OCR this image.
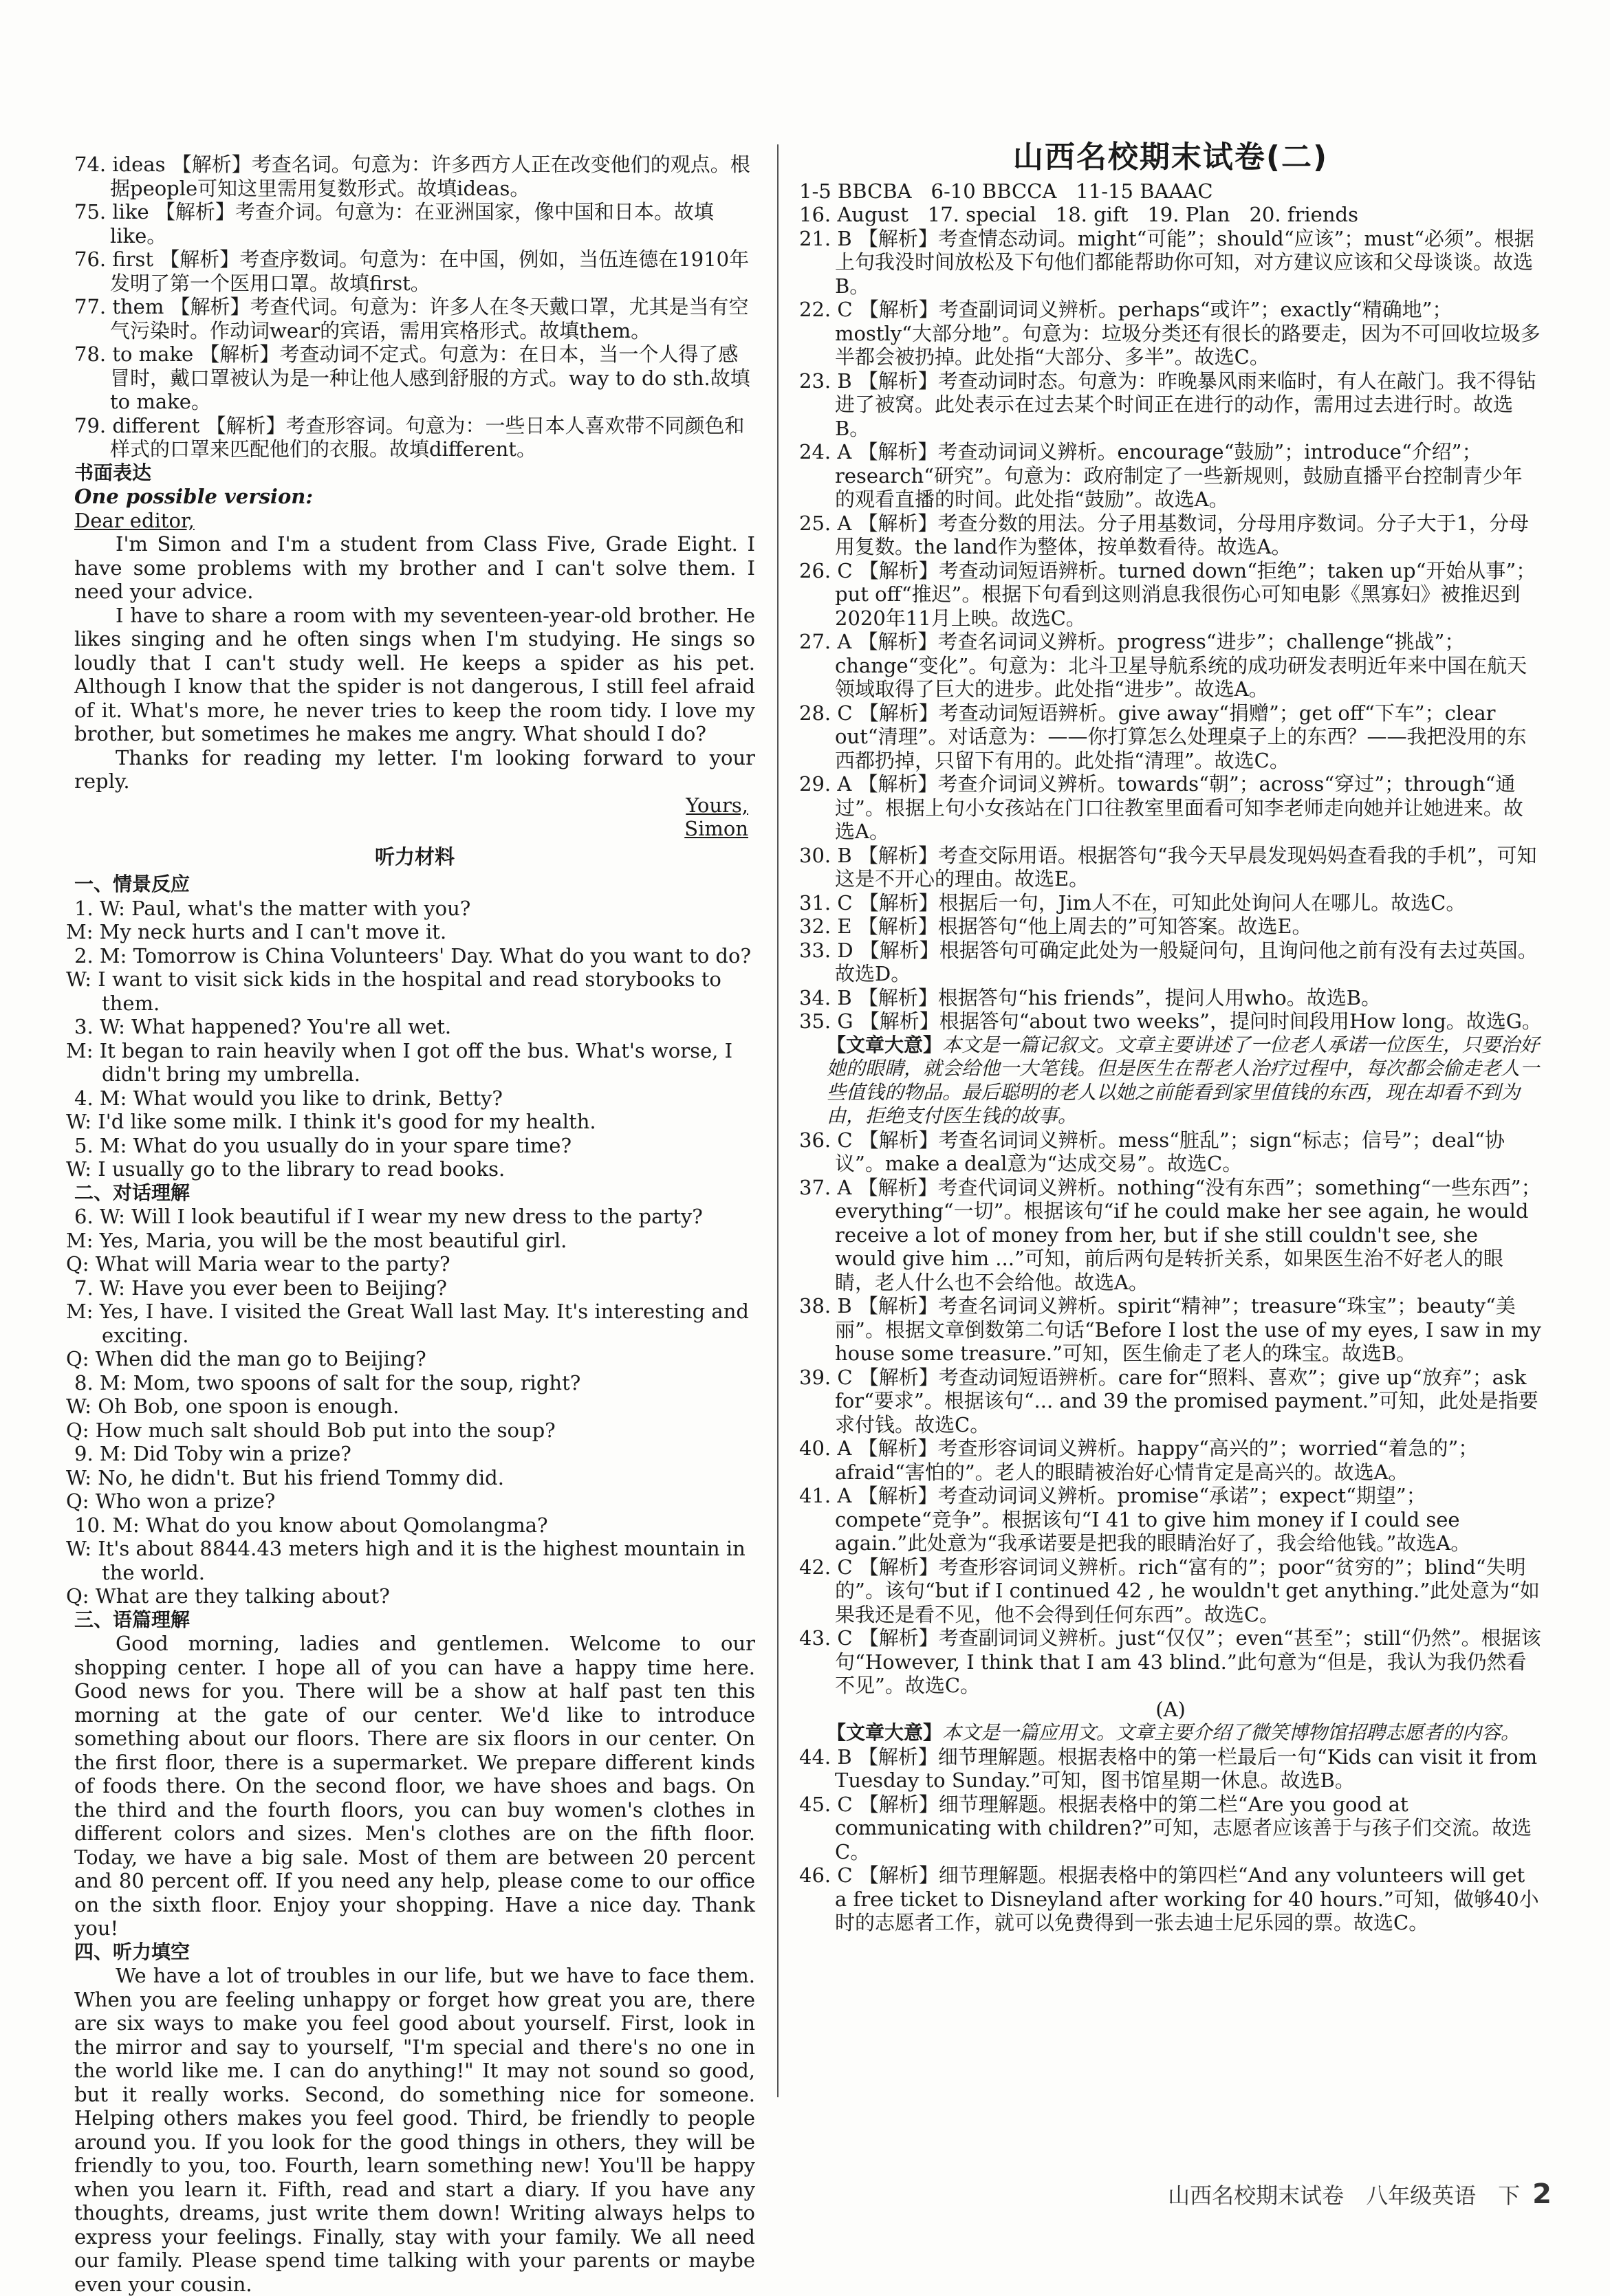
74. ideas 【解析】考查名词。句意为：许多西方人正在改变他们的观点。根据people可知这里需用复数形式。故填ideas。

75. like 【解析】考查介词。句意为：在亚洲国家，像中国和日本。故填like。

76. first 【解析】考查序数词。句意为：在中国，例如，当伍连德在1910年发明了第一个医用口罩。故填first。

77. them 【解析】考查代词。句意为：许多人在冬天戴口罩，尤其是当有空气污染时。作动词wear的宾语，需用宾格形式。故填them。

78. to make 【解析】考查动词不定式。句意为：在日本，当一个人得了感冒时，戴口罩被认为是一种让他人感到舒服的方式。way to do sth.故填to make。

79. different 【解析】考查形容词。句意为：一些日本人喜欢带不同颜色和样式的口罩来匹配他们的衣服。故填different。

书面表达
One possible version:
Dear editor,

I'm Simon and I'm a student from Class Five, Grade Eight. I have some problems with my brother and I can't solve them. I need your advice.

I have to share a room with my seventeen-year-old brother. He likes singing and he often sings when I'm studying. He sings so loudly that I can't study well. He keeps a spider as his pet. Although I know that the spider is not dangerous, I still feel afraid of it. What's more, he never tries to keep the room tidy. I love my brother, but sometimes he makes me angry. What should I do?

Thanks for reading my letter. I'm looking forward to your reply.

Yours,
Simon
听力材料
一、情景反应
1. W: Paul, what's the matter with you?
M: My neck hurts and I can't move it.
2. M: Tomorrow is China Volunteers' Day. What do you want to do?
W: I want to visit sick kids in the hospital and read storybooks to them.
3. W: What happened? You're all wet.
M: It began to rain heavily when I got off the bus. What's worse, I didn't bring my umbrella.
4. M: What would you like to drink, Betty?
W: I'd like some milk. I think it's good for my health.
5. M: What do you usually do in your spare time?
W: I usually go to the library to read books.
二、对话理解
6. W: Will I look beautiful if I wear my new dress to the party?
M: Yes, Maria, you will be the most beautiful girl.
Q: What will Maria wear to the party?
7. W: Have you ever been to Beijing?
M: Yes, I have. I visited the Great Wall last May. It's interesting and exciting.
Q: When did the man go to Beijing?
8. M: Mom, two spoons of salt for the soup, right?
W: Oh Bob, one spoon is enough.
Q: How much salt should Bob put into the soup?
9. M: Did Toby win a prize?
W: No, he didn't. But his friend Tommy did.
Q: Who won a prize?
10. M: What do you know about Qomolangma?
W: It's about 8844.43 meters high and it is the highest mountain in the world.
Q: What are they talking about?
三、语篇理解

Good morning, ladies and gentlemen. Welcome to our shopping center. I hope all of you can have a happy time here. Good news for you. There will be a show at half past ten this morning at the gate of our center. We'd like to introduce something about our floors. There are six floors in our center. On the first floor, there is a supermarket. We prepare different kinds of foods there. On the second floor, we have shoes and bags. On the third and the fourth floors, you can buy women's clothes in different colors and sizes. Men's clothes are on the fifth floor. Today, we have a big sale. Most of them are between 20 percent and 80 percent off. If you need any help, please come to our office on the sixth floor. Enjoy your shopping. Have a nice day. Thank you!

四、听力填空

We have a lot of troubles in our life, but we have to face them. When you are feeling unhappy or forget how great you are, there are six ways to make you feel good about yourself. First, look in the mirror and say to yourself, "I'm special and there's no one in the world like me. I can do anything!" It may not sound so good, but it really works. Second, do something nice for someone. Helping others makes you feel good. Third, be friendly to people around you. If you look for the good things in others, they will be friendly to you, too. Fourth, learn something new! You'll be happy when you learn it. Fifth, read and start a diary. If you have any thoughts, dreams, just write them down! Writing always helps to express your feelings. Finally, stay with your family. We all need our family. Please spend time talking with your parents or maybe even your cousin.

山西名校期末试卷(二)
1-5 BBCBA 6-10 BBCCA 11-15 BAAAC
16. August 17. special 18. gift 19. Plan 20. friends

21. B 【解析】考查情态动词。might“可能”；should“应该”；must“必须”。根据上句我没时间放松及下句他们都能帮助你可知，对方建议应该和父母谈谈。故选B。

22. C 【解析】考查副词词义辨析。perhaps“或许”；exactly“精确地”；mostly“大部分地”。句意为：垃圾分类还有很长的路要走，因为不可回收垃圾多半都会被扔掉。此处指“大部分、多半”。故选C。

23. B 【解析】考查动词时态。句意为：昨晚暴风雨来临时，有人在敲门。我不得钻进了被窝。此处表示在过去某个时间正在进行的动作，需用过去进行时。故选B。

24. A 【解析】考查动词词义辨析。encourage“鼓励”；introduce“介绍”；research“研究”。句意为：政府制定了一些新规则，鼓励直播平台控制青少年的观看直播的时间。此处指“鼓励”。故选A。

25. A 【解析】考查分数的用法。分子用基数词，分母用序数词。分子大于1，分母用复数。the land作为整体，按单数看待。故选A。

26. C 【解析】考查动词短语辨析。turned down“拒绝”；taken up“开始从事”；put off“推迟”。根据下句看到这则消息我很伤心可知电影《黑寡妇》被推迟到2020年11月上映。故选C。

27. A 【解析】考查名词词义辨析。progress“进步”；challenge“挑战”；change“变化”。句意为：北斗卫星导航系统的成功研发表明近年来中国在航天领域取得了巨大的进步。此处指“进步”。故选A。

28. C 【解析】考查动词短语辨析。give away“捐赠”；get off“下车”；clear out“清理”。对话意为：——你打算怎么处理桌子上的东西？——我把没用的东西都扔掉，只留下有用的。此处指“清理”。故选C。

29. A 【解析】考查介词词义辨析。towards“朝”；across“穿过”；through“通过”。根据上句小女孩站在门口往教室里面看可知李老师走向她并让她进来。故选A。

30. B 【解析】考查交际用语。根据答句“我今天早晨发现妈妈查看我的手机”，可知这是不开心的理由。故选E。

31. C 【解析】根据后一句，Jim人不在，可知此处询问人在哪儿。故选C。

32. E 【解析】根据答句“他上周去的”可知答案。故选E。

33. D 【解析】根据答句可确定此处为一般疑问句，且询问他之前有没有去过英国。故选D。

34. B 【解析】根据答句“his friends”，提问人用who。故选B。

35. G 【解析】根据答句“about two weeks”，提问时间段用How long。故选G。

【文章大意】本文是一篇记叙文。文章主要讲述了一位老人承诺一位医生，只要治好她的眼睛，就会给他一大笔钱。但是医生在帮老人治疗过程中，每次都会偷走老人一些值钱的物品。最后聪明的老人以她之前能看到家里值钱的东西，现在却看不到为由，拒绝支付医生钱的故事。

36. C 【解析】考查名词词义辨析。mess“脏乱”；sign“标志；信号”；deal“协议”。make a deal意为“达成交易”。故选C。

37. A 【解析】考查代词词义辨析。nothing“没有东西”；something“一些东西”；everything“一切”。根据该句“if he could make her see again, he would receive a lot of money from her, but if she still couldn't see, she would give him ...”可知，前后两句是转折关系，如果医生治不好老人的眼睛，老人什么也不会给他。故选A。

38. B 【解析】考查名词词义辨析。spirit“精神”；treasure“珠宝”；beauty“美丽”。根据文章倒数第二句话“Before I lost the use of my eyes, I saw in my house some treasure.”可知，医生偷走了老人的珠宝。故选B。

39. C 【解析】考查动词短语辨析。care for“照料、喜欢”；give up“放弃”；ask for“要求”。根据该句“... and 39 the promised payment.”可知，此处是指要求付钱。故选C。

40. A 【解析】考查形容词词义辨析。happy“高兴的”；worried“着急的”；afraid“害怕的”。老人的眼睛被治好心情肯定是高兴的。故选A。

41. A 【解析】考查动词词义辨析。promise“承诺”；expect“期望”；compete“竞争”。根据该句“I 41 to give him money if I could see again.”此处意为“我承诺要是把我的眼睛治好了，我会给他钱。”故选A。

42. C 【解析】考查形容词词义辨析。rich“富有的”；poor“贫穷的”；blind“失明的”。该句“but if I continued 42 , he wouldn't get anything.”此处意为“如果我还是看不见，他不会得到任何东西”。故选C。

43. C 【解析】考查副词词义辨析。just“仅仅”；even“甚至”；still“仍然”。根据该句“However, I think that I am 43 blind.”此句意为“但是，我认为我仍然看不见”。故选C。

(A)
【文章大意】本文是一篇应用文。文章主要介绍了微笑博物馆招聘志愿者的内容。

44. B 【解析】细节理解题。根据表格中的第一栏最后一句“Kids can visit it from Tuesday to Sunday.”可知，图书馆星期一休息。故选B。

45. C 【解析】细节理解题。根据表格中的第二栏“Are you good at communicating with children?”可知，志愿者应该善于与孩子们交流。故选C。

46. C 【解析】细节理解题。根据表格中的第四栏“And any volunteers will get a free ticket to Disneyland after working for 40 hours.”可知，做够40小时的志愿者工作，就可以免费得到一张去迪士尼乐园的票。故选C。

山西名校期末试卷　八年级英语　下 2
